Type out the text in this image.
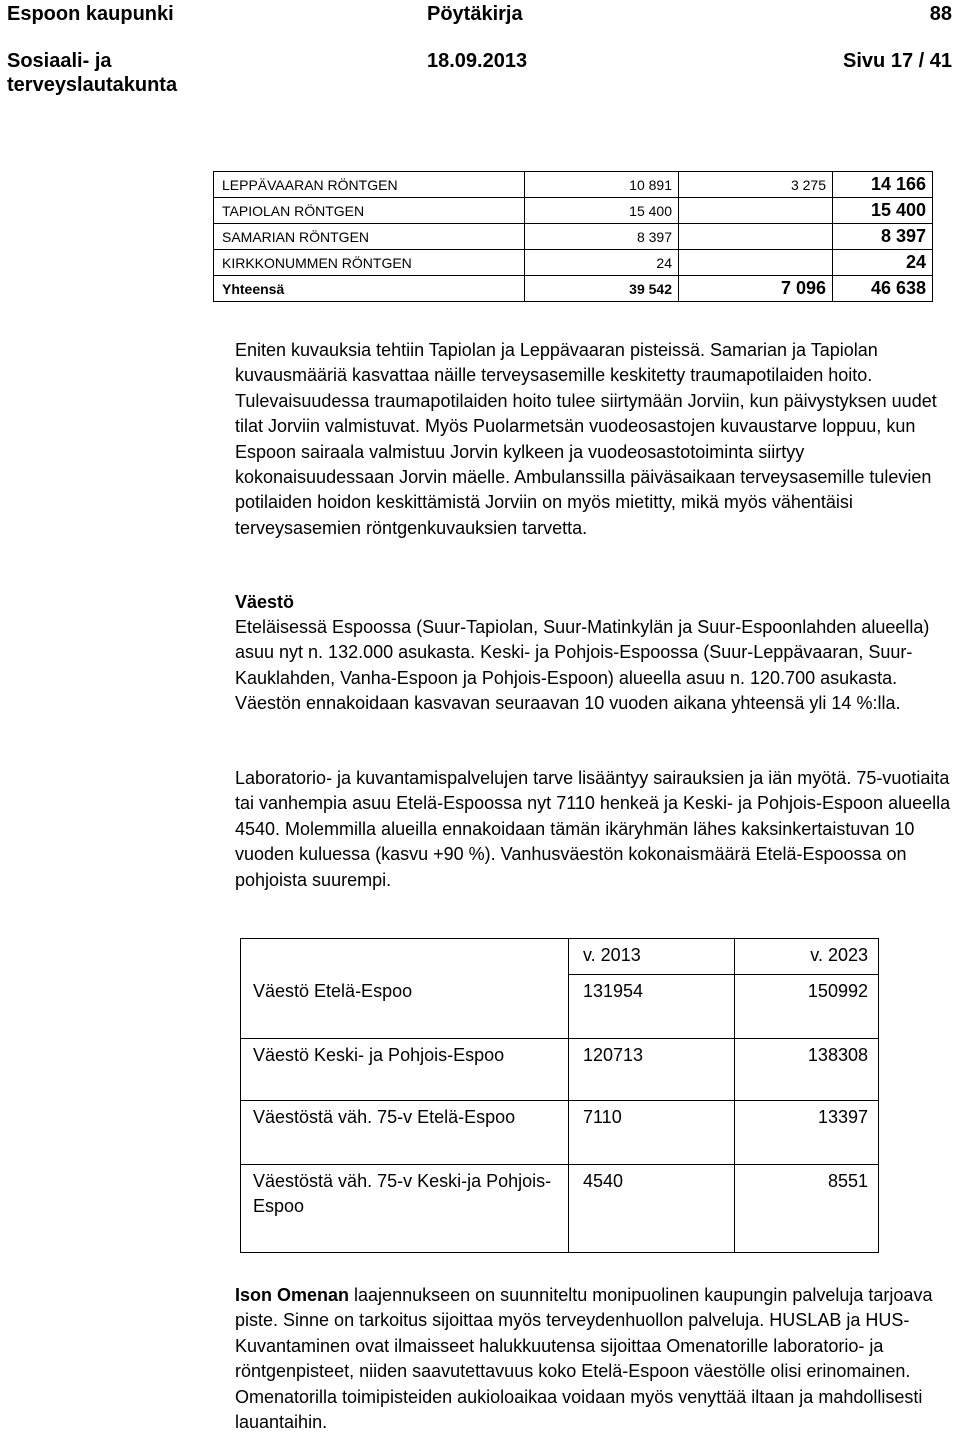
Espoon kaupunki	Pöytäkirja	88
Sosiaali- ja
terveyslautakunta
18.09.2013	Sivu 17 / 41
LEPPÄVAARAN RÖNTGEN	10 891	3 275	14 166
TAPIOLAN RÖNTGEN	15 400		15 400
SAMARIAN RÖNTGEN	8 397		8 397
KIRKKONUMMEN RÖNTGEN	24		24
Yhteensä	39 542	7 096	46 638

Eniten kuvauksia tehtiin Tapiolan ja Leppävaaran pisteissä. Samarian ja Tapiolan kuvausmääriä kasvattaa näille terveysasemille keskitetty traumapotilaiden hoito. Tulevaisuudessa traumapotilaiden hoito tulee siirtymään Jorviin, kun päivystyksen uudet tilat Jorviin valmistuvat. Myös Puolarmetsän vuodeosastojen kuvaustarve loppuu, kun Espoon sairaala valmistuu Jorvin kylkeen ja vuodeosastotoiminta siirtyy kokonaisuudessaan Jorvin mäelle. Ambulanssilla päiväsaikaan terveysasemille tulevien potilaiden hoidon keskittämistä Jorviin on myös mietitty, mikä myös vähentäisi terveysasemien röntgenkuvauksien tarvetta.

Väestö

Eteläisessä Espoossa (Suur-Tapiolan, Suur-Matinkylän ja Suur-Espoonlahden alueella) asuu nyt n. 132.000 asukasta. Keski- ja Pohjois-Espoossa (Suur-Leppävaaran, Suur-Kauklahden, Vanha-Espoon ja Pohjois-Espoon) alueella asuu n. 120.700 asukasta. Väestön ennakoidaan kasvavan seuraavan 10 vuoden aikana yhteensä yli 14 %:lla.

Laboratorio- ja kuvantamispalvelujen tarve lisääntyy sairauksien ja iän myötä. 75-vuotiaita tai vanhempia asuu Etelä-Espoossa nyt 7110 henkeä ja Keski- ja Pohjois-Espoon alueella 4540. Molemmilla alueilla ennakoidaan tämän ikäryhmän lähes kaksinkertaistuvan 10 vuoden kuluessa (kasvu +90 %). Vanhusväestön kokonaismäärä Etelä-Espoossa on pohjoista suurempi.

	v. 2013	v. 2023
Väestö Etelä-Espoo	131954	150992
Väestö Keski- ja Pohjois-Espoo	120713	138308
Väestöstä väh. 75-v Etelä-Espoo	7110	13397
Väestöstä väh. 75-v Keski-ja Pohjois-Espoo	4540	8551

Ison Omenan laajennukseen on suunniteltu monipuolinen kaupungin palveluja tarjoava piste. Sinne on tarkoitus sijoittaa myös terveydenhuollon palveluja. HUSLAB ja HUS-Kuvantaminen ovat ilmaisseet halukkuutensa sijoittaa Omenatorille laboratorio- ja röntgenpisteet, niiden saavutettavuus koko Etelä-Espoon väestölle olisi erinomainen. Omenatorilla toimipisteiden aukioloaikaa voidaan myös venyttää iltaan ja mahdollisesti lauantaihin.
